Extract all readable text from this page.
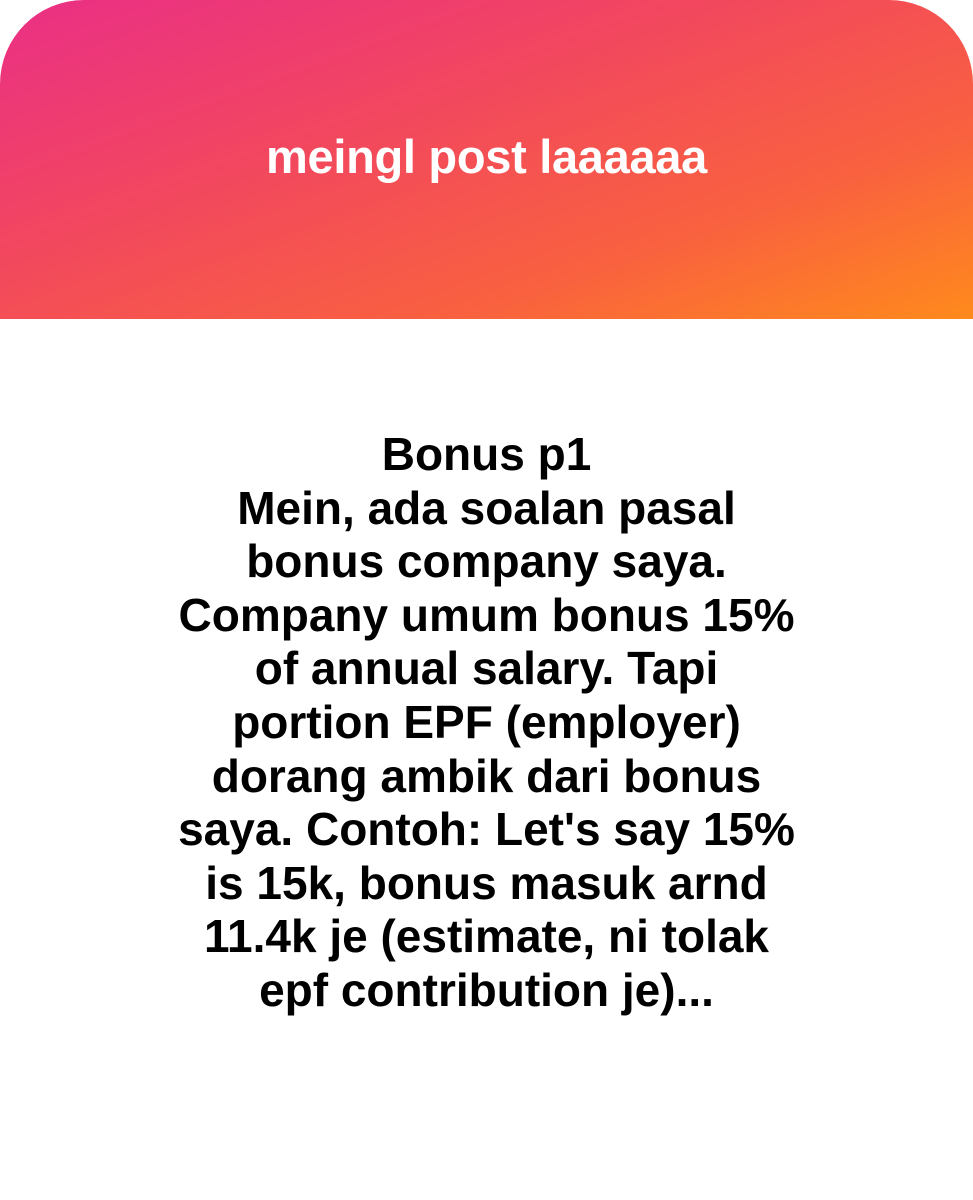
meingl post laaaaaa

Bonus p1
Mein, ada soalan pasal
bonus company saya.
Company umum bonus 15%
of annual salary. Tapi
portion EPF (employer)
dorang ambik dari bonus
saya. Contoh: Let's say 15%
is 15k, bonus masuk arnd
11.4k je (estimate, ni tolak
epf contribution je)...
